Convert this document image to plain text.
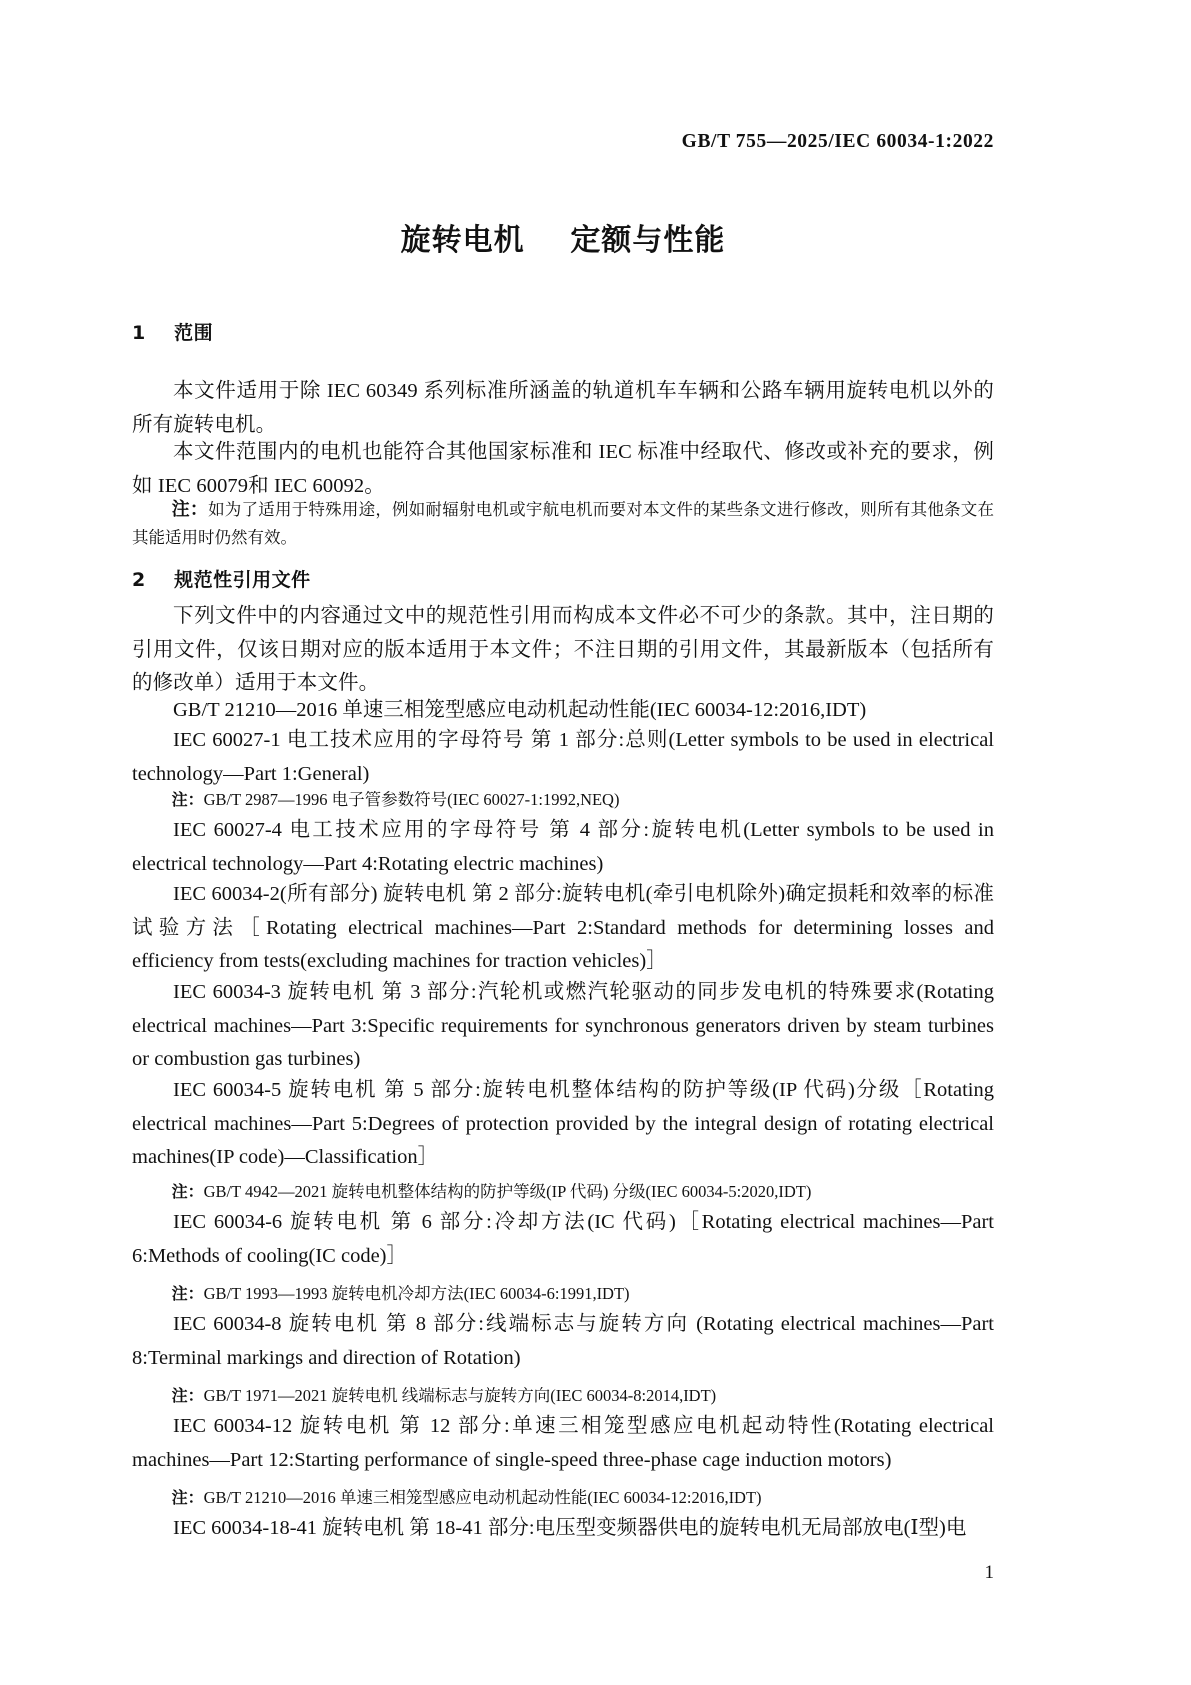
GB/T 755—2025/IEC 60034-1:2022
旋转电机    定额与性能
1    范围
本文件适用于除 IEC 60349 系列标准所涵盖的轨道机车车辆和公路车辆用旋转电机以外的所有旋转电机。
本文件范围内的电机也能符合其他国家标准和 IEC 标准中经取代、修改或补充的要求，例如 IEC 60079和 IEC 60092。
注：如为了适用于特殊用途，例如耐辐射电机或宇航电机而要对本文件的某些条文进行修改，则所有其他条文在其能适用时仍然有效。
2    规范性引用文件
下列文件中的内容通过文中的规范性引用而构成本文件必不可少的条款。其中，注日期的引用文件，仅该日期对应的版本适用于本文件；不注日期的引用文件，其最新版本（包括所有的修改单）适用于本文件。
GB/T 21210—2016 单速三相笼型感应电动机起动性能(IEC 60034-12:2016,IDT)
IEC 60027-1 电工技术应用的字母符号 第 1 部分:总则(Letter symbols to be used in electrical technology—Part 1:General)
注：GB/T 2987—1996 电子管参数符号(IEC 60027-1:1992,NEQ)
IEC 60027-4 电工技术应用的字母符号 第 4 部分:旋转电机(Letter symbols to be used in electrical technology—Part 4:Rotating electric machines)
IEC 60034-2(所有部分) 旋转电机 第 2 部分:旋转电机(牵引电机除外)确定损耗和效率的标准试验方法［Rotating electrical machines—Part 2:Standard methods for determining losses and efficiency from tests(excluding machines for traction vehicles)］
IEC 60034-3 旋转电机 第 3 部分:汽轮机或燃汽轮驱动的同步发电机的特殊要求(Rotating electrical machines—Part 3:Specific requirements for synchronous generators driven by steam turbines or combustion gas turbines)
IEC 60034-5 旋转电机 第 5 部分:旋转电机整体结构的防护等级(IP 代码)分级［Rotating electrical machines—Part 5:Degrees of protection provided by the integral design of rotating electrical machines(IP code)—Classification］
注：GB/T 4942—2021 旋转电机整体结构的防护等级(IP 代码) 分级(IEC 60034-5:2020,IDT)
IEC 60034-6 旋转电机 第 6 部分:冷却方法(IC 代码)［Rotating electrical machines—Part 6:Methods of cooling(IC code)］
注：GB/T 1993—1993 旋转电机冷却方法(IEC 60034-6:1991,IDT)
IEC 60034-8 旋转电机 第 8 部分:线端标志与旋转方向 (Rotating electrical machines—Part 8:Terminal markings and direction of Rotation)
注：GB/T 1971—2021 旋转电机 线端标志与旋转方向(IEC 60034-8:2014,IDT)
IEC 60034-12 旋转电机 第 12 部分:单速三相笼型感应电机起动特性(Rotating electrical machines—Part 12:Starting performance of single-speed three-phase cage induction motors)
注：GB/T 21210—2016 单速三相笼型感应电动机起动性能(IEC 60034-12:2016,IDT)
IEC 60034-18-41 旋转电机 第 18-41 部分:电压型变频器供电的旋转电机无局部放电(Ⅰ型)电
1
